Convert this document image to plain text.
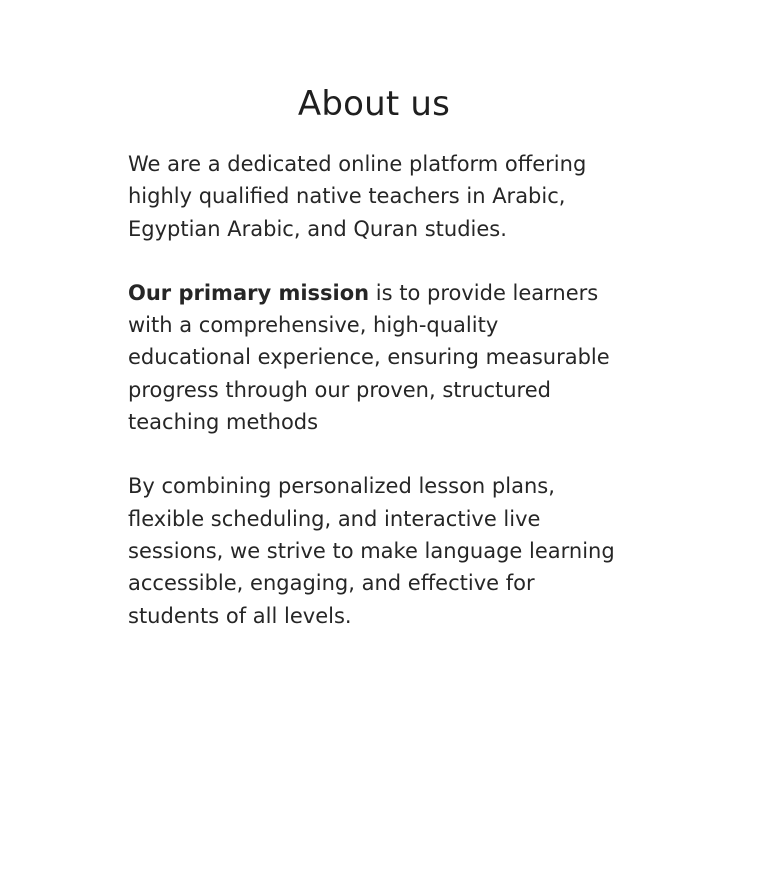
About us

We are a dedicated online platform offering highly qualified native teachers in Arabic, Egyptian Arabic, and Quran studies.

Our primary mission is to provide learners with a comprehensive, high-quality educational experience, ensuring measurable progress through our proven, structured teaching methods

By combining personalized lesson plans, flexible scheduling, and interactive live sessions, we strive to make language learning accessible, engaging, and effective for students of all levels.
